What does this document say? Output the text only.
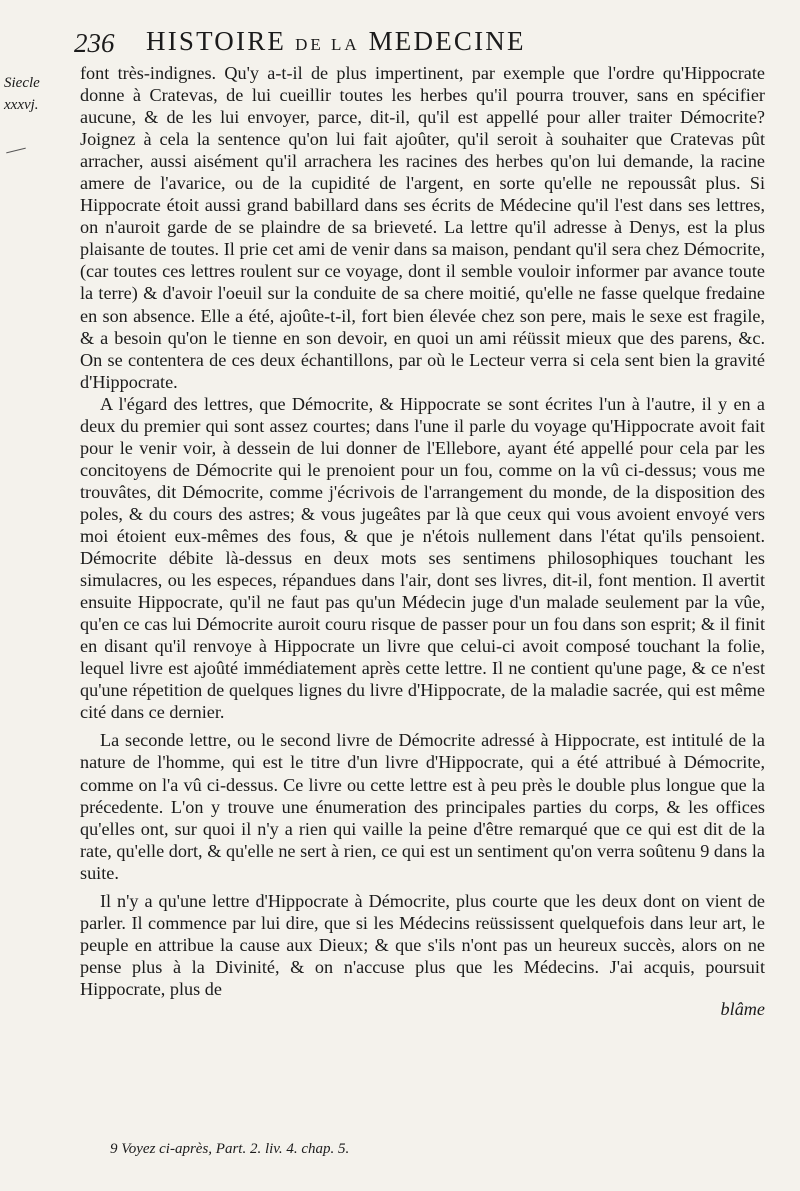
236 HISTOIRE DE LA MEDECINE
Siecle
xxxvj.

font très-indignes. Qu'y a-t-il de plus impertinent, par exemple que l'ordre qu'Hippocrate donne à Cratevas, de lui cueillir toutes les herbes qu'il pourra trouver, sans en spécifier aucune, & de les lui envoyer, parce, dit-il, qu'il est appellé pour aller traiter Démocrite? Joignez à cela la sentence qu'on lui fait ajoûter, qu'il seroit à souhaiter que Cratevas pût arracher, aussi aisément qu'il arrachera les racines des herbes qu'on lui demande, la racine amere de l'avarice, ou de la cupidité de l'argent, en sorte qu'elle ne repoussât plus. Si Hippocrate étoit aussi grand babillard dans ses écrits de Médecine qu'il l'est dans ses lettres, on n'auroit garde de se plaindre de sa brieveté. La lettre qu'il adresse à Denys, est la plus plaisante de toutes. Il prie cet ami de venir dans sa maison, pendant qu'il sera chez Démocrite, (car toutes ces lettres roulent sur ce voyage, dont il semble vouloir informer par avance toute la terre) & d'avoir l'oeuil sur la conduite de sa chere moitié, qu'elle ne fasse quelque fredaine en son absence. Elle a été, ajoûte-t-il, fort bien élevée chez son pere, mais le sexe est fragile, & a besoin qu'on le tienne en son devoir, en quoi un ami réüssit mieux que des parens, &c. On se contentera de ces deux échantillons, par où le Lecteur verra si cela sent bien la gravité d'Hippocrate.

A l'égard des lettres, que Démocrite, & Hippocrate se sont écrites l'un à l'autre, il y en a deux du premier qui sont assez courtes; dans l'une il parle du voyage qu'Hippocrate avoit fait pour le venir voir, à dessein de lui donner de l'Ellebore, ayant été appellé pour cela par les concitoyens de Démocrite qui le prenoient pour un fou, comme on la vû ci-dessus; vous me trouvâtes, dit Démocrite, comme j'écrivois de l'arrangement du monde, de la disposition des poles, & du cours des astres; & vous jugeâtes par là que ceux qui vous avoient envoyé vers moi étoient eux-mêmes des fous, & que je n'étois nullement dans l'état qu'ils pensoient. Démocrite débite là-dessus en deux mots ses sentimens philosophiques touchant les simulacres, ou les especes, répandues dans l'air, dont ses livres, dit-il, font mention. Il avertit ensuite Hippocrate, qu'il ne faut pas qu'un Médecin juge d'un malade seulement par la vûe, qu'en ce cas lui Démocrite auroit couru risque de passer pour un fou dans son esprit; & il finit en disant qu'il renvoye à Hippocrate un livre que celui-ci avoit composé touchant la folie, lequel livre est ajoûté immédiatement après cette lettre. Il ne contient qu'une page, & ce n'est qu'une répetition de quelques lignes du livre d'Hippocrate, de la maladie sacrée, qui est même cité dans ce dernier.

La seconde lettre, ou le second livre de Démocrite adressé à Hippocrate, est intitulé de la nature de l'homme, qui est le titre d'un livre d'Hippocrate, qui a été attribué à Démocrite, comme on l'a vû ci-dessus. Ce livre ou cette lettre est à peu près le double plus longue que la précedente. L'on y trouve une énumeration des principales parties du corps, & les offices qu'elles ont, sur quoi il n'y a rien qui vaille la peine d'être remarqué que ce qui est dit de la rate, qu'elle dort, & qu'elle ne sert à rien, ce qui est un sentiment qu'on verra soûtenu 9 dans la suite.

Il n'y a qu'une lettre d'Hippocrate à Démocrite, plus courte que les deux dont on vient de parler. Il commence par lui dire, que si les Médecins reüssissent quelquefois dans leur art, le peuple en attribue la cause aux Dieux; & que s'ils n'ont pas un heureux succès, alors on ne pense plus à la Divinité, & on n'accuse plus que les Médecins. J'ai acquis, poursuit Hippocrate, plus de

blâme
9 Voyez ci-après, Part. 2. liv. 4. chap. 5.
